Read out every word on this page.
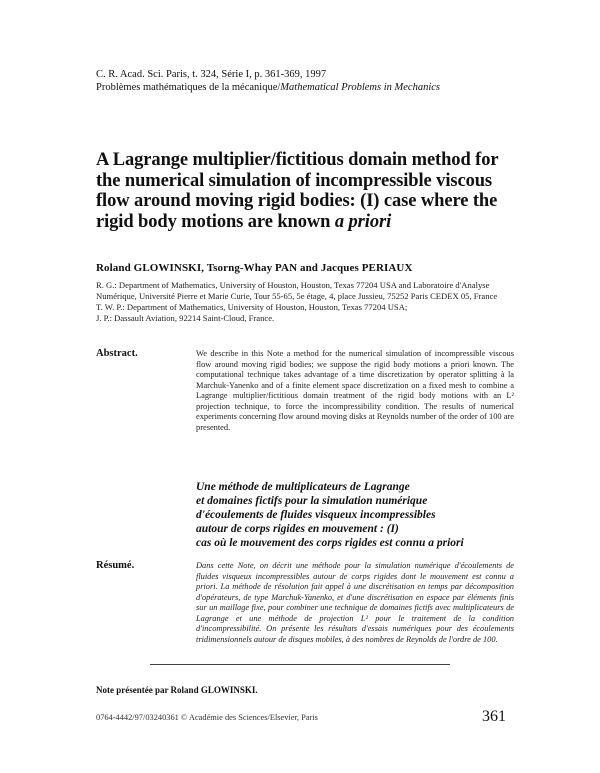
C. R. Acad. Sci. Paris, t. 324, Série I, p. 361-369, 1997
Problèmes mathématiques de la mécanique/Mathematical Problems in Mechanics
A Lagrange multiplier/fictitious domain method for the numerical simulation of incompressible viscous flow around moving rigid bodies: (I) case where the rigid body motions are known a priori
Roland GLOWINSKI, Tsorng-Whay PAN and Jacques PERIAUX

R. G.: Department of Mathematics, University of Houston, Houston, Texas 77204 USA and Laboratoire d'Analyse Numérique, Université Pierre et Marie Curie, Tour 55-65, 5e étage, 4, place Jussieu, 75252 Paris CEDEX 05, France

T. W. P.: Department of Mathematics, University of Houston, Houston, Texas 77204 USA;

J. P.: Dassault Aviation, 92214 Saint-Cloud, France.

Abstract.	We describe in this Note a method for the numerical simulation of incompressible viscous flow around moving rigid bodies; we suppose the rigid body motions a priori known. The computational technique takes advantage of a time discretization by operator splitting à la Marchuk-Yanenko and of a finite element space discretization on a fixed mesh to combine a Lagrange multiplier/fictitious domain treatment of the rigid body motions with an L² projection technique, to force the incompressibility condition. The results of numerical experiments concerning flow around moving disks at Reynolds number of the order of 100 are presented.
Une méthode de multiplicateurs de Lagrange
et domaines fictifs pour la simulation numérique
d'écoulements de fluides visqueux incompressibles
autour de corps rigides en mouvement : (I)
cas où le mouvement des corps rigides est connu a priori
Résumé.	Dans cette Note, on décrit une méthode pour la simulation numérique d'écoulements de fluides visqueux incompressibles autour de corps rigides dont le mouvement est connu a priori. La méthode de résolution fait appel à une discrétisation en temps par décomposition d'opérateurs, de type Marchuk-Yanenko, et d'une discrétisation en espace par éléments finis sur un maillage fixe, pour combiner une technique de domaines fictifs avec multiplicateurs de Lagrange et une méthode de projection L² pour le traitement de la condition d'incompressibilité. On présente les résultats d'essais numériques pour des écoulements tridimensionnels autour de disques mobiles, à des nombres de Reynolds de l'ordre de 100.
Note présentée par Roland GLOWINSKI.
0764-4442/97/03240361 © Académie des Sciences/Elsevier, Paris	361
